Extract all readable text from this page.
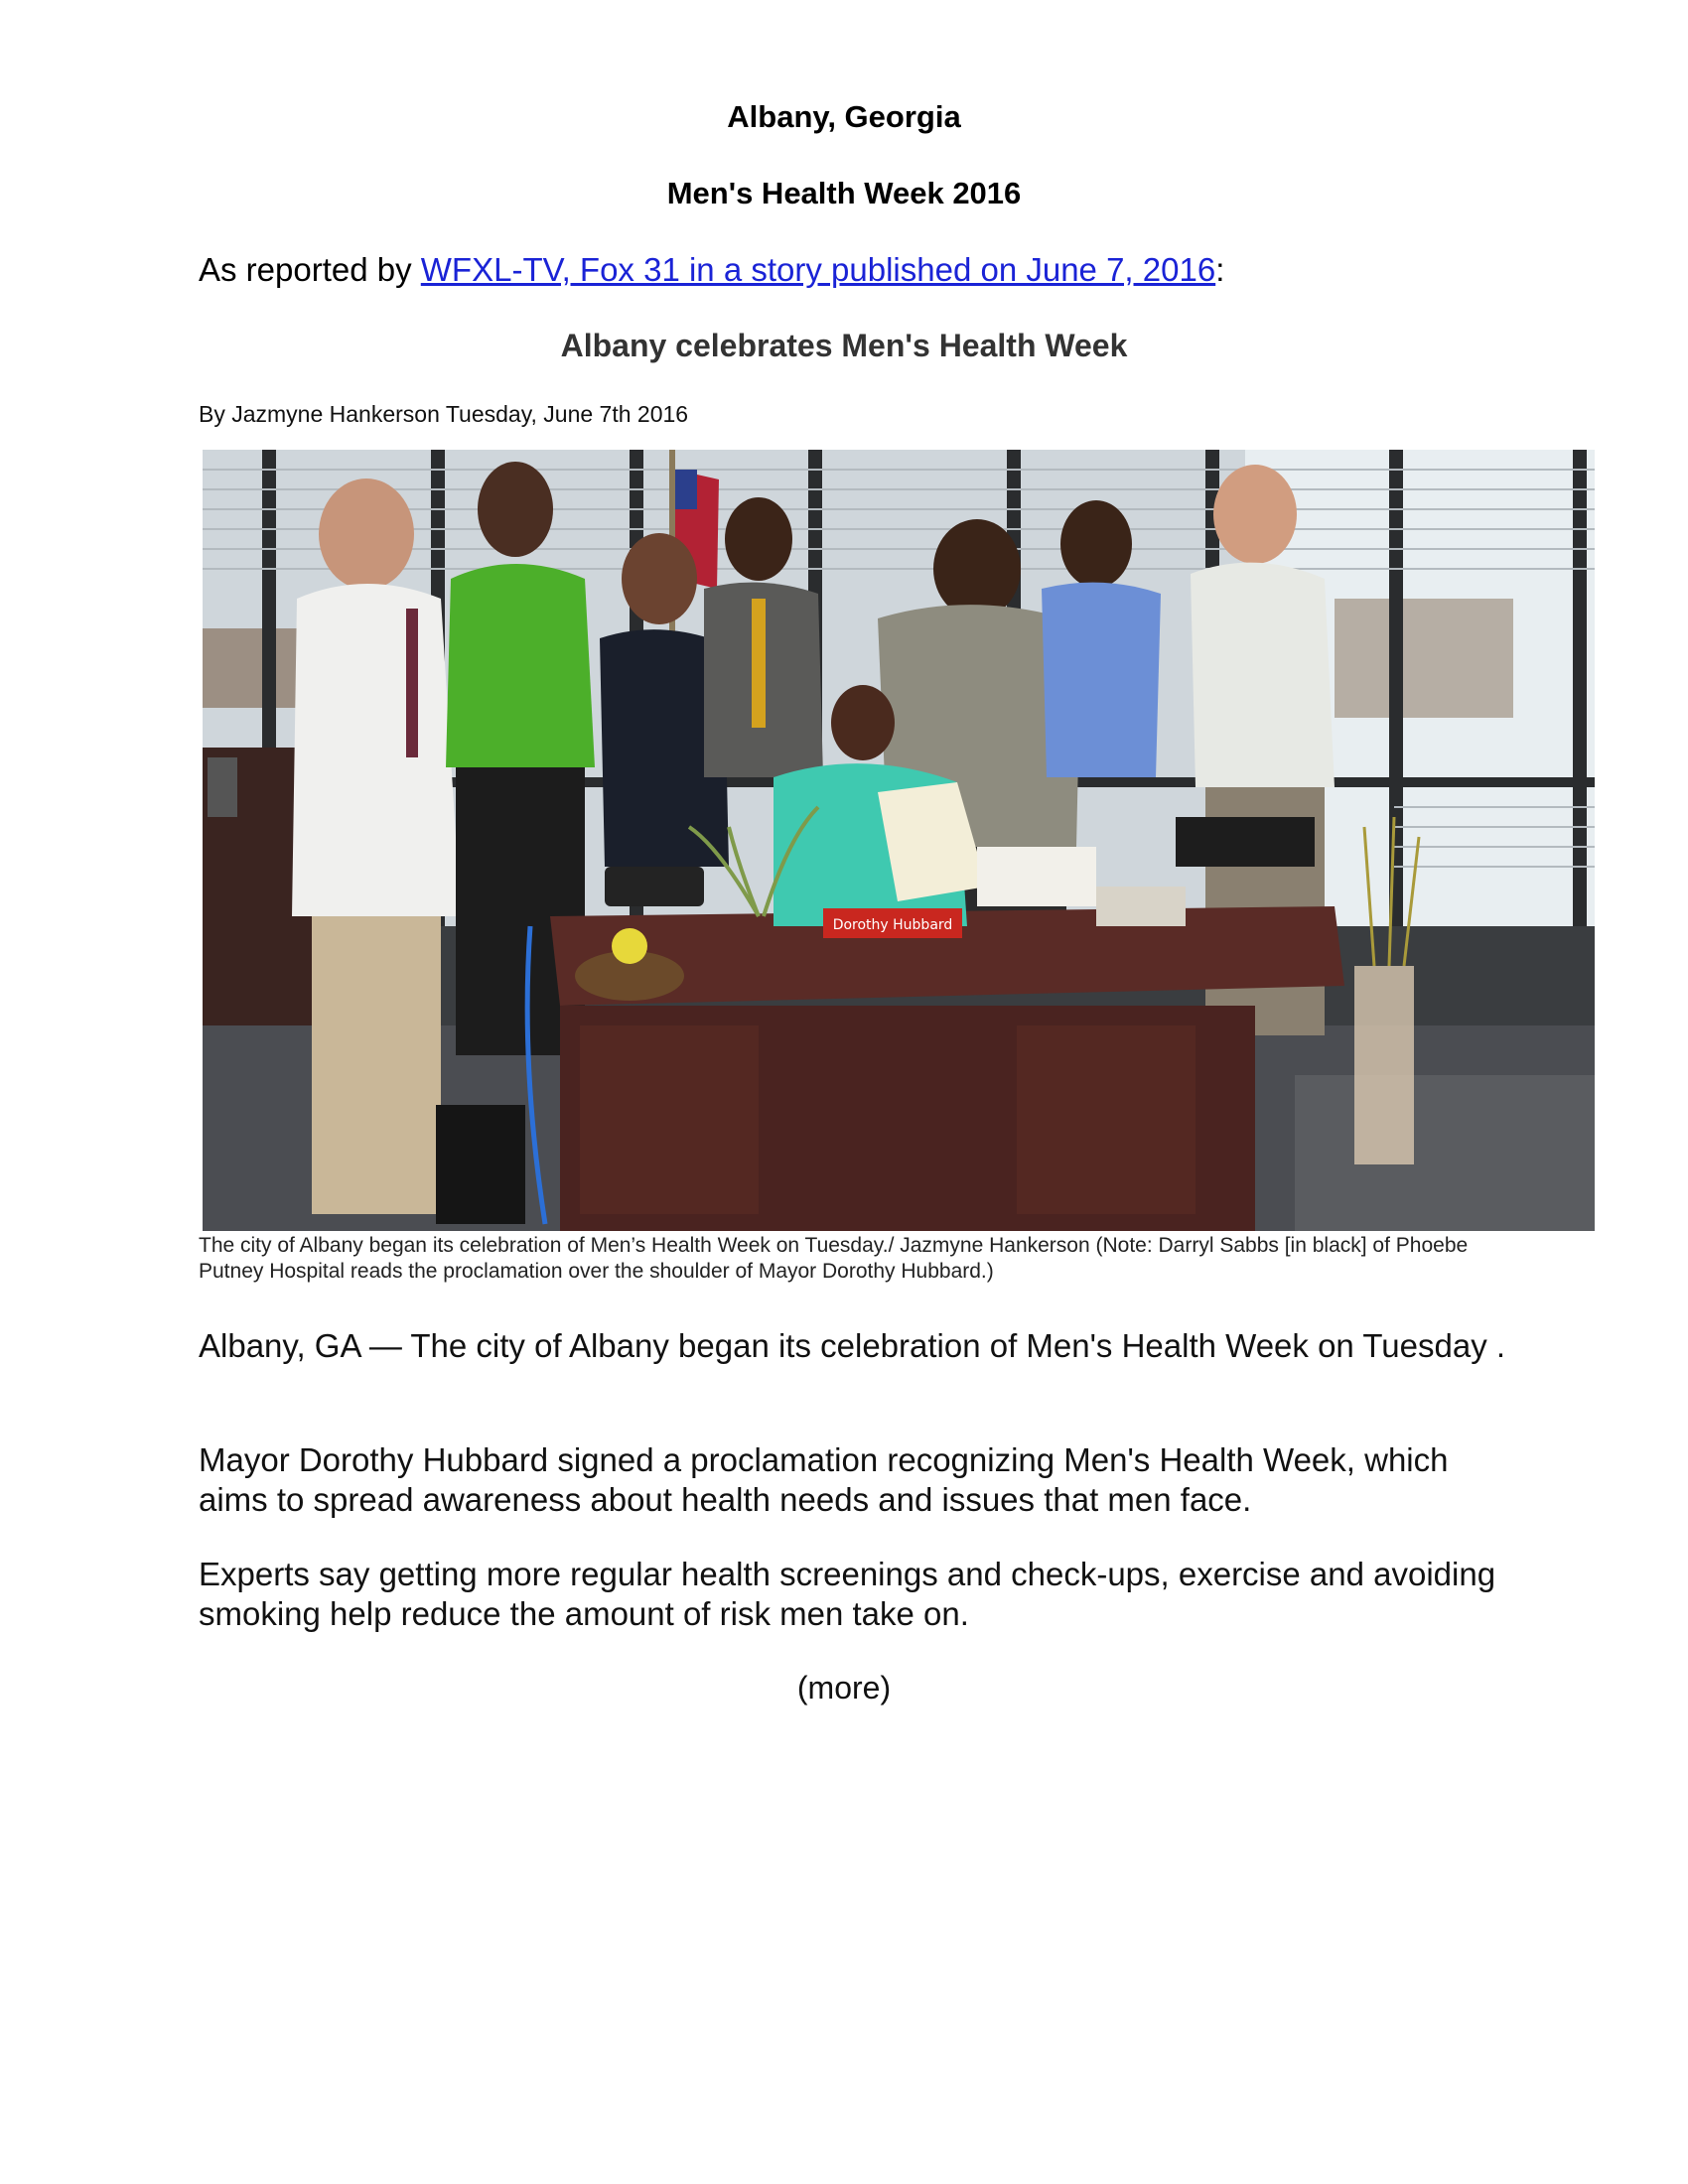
Albany, Georgia
Men's Health Week 2016
As reported by WFXL-TV, Fox 31 in a story published on June 7, 2016:
Albany celebrates Men's Health Week
By Jazmyne Hankerson Tuesday, June 7th 2016
Dorothy Hubbard
The city of Albany began its celebration of Men’s Health Week on Tuesday./ Jazmyne Hankerson (Note: Darryl Sabbs [in black] of Phoebe Putney Hospital reads the proclamation over the shoulder of Mayor Dorothy Hubbard.)
Albany, GA — The city of Albany began its celebration of Men's Health Week on Tuesday .
Mayor Dorothy Hubbard signed a proclamation recognizing Men's Health Week, which aims to spread awareness about health needs and issues that men face.
Experts say getting more regular health screenings and check-ups, exercise and avoiding smoking help reduce the amount of risk men take on.
(more)
